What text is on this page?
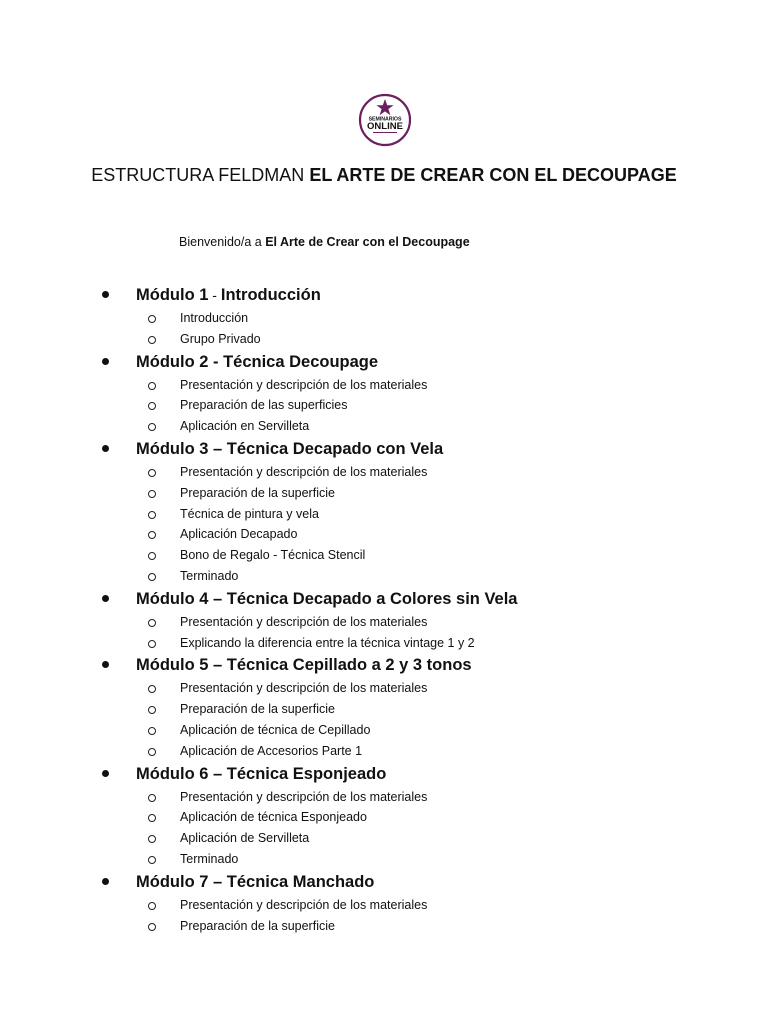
SEMINARIOS
ONLINE
ESTRUCTURA FELDMAN EL ARTE DE CREAR CON EL DECOUPAGE
Bienvenido/a a El Arte de Crear con el Decoupage
Módulo 1 - Introducción
Introducción
Grupo Privado
Módulo 2 - Técnica Decoupage
Presentación y descripción de los materiales
Preparación de las superficies
Aplicación en Servilleta
Módulo 3 – Técnica Decapado con Vela
Presentación y descripción de los materiales
Preparación de la superficie
Técnica de pintura y vela
Aplicación Decapado
Bono de Regalo - Técnica Stencil
Terminado
Módulo 4 – Técnica Decapado a Colores sin Vela
Presentación y descripción de los materiales
Explicando la diferencia entre la técnica vintage 1 y 2
Módulo 5 – Técnica Cepillado a 2 y 3 tonos
Presentación y descripción de los materiales
Preparación de la superficie
Aplicación de técnica de Cepillado
Aplicación de Accesorios Parte 1
Módulo 6 – Técnica Esponjeado
Presentación y descripción de los materiales
Aplicación de técnica Esponjeado
Aplicación de Servilleta
Terminado
Módulo 7 – Técnica Manchado
Presentación y descripción de los materiales
Preparación de la superficie
